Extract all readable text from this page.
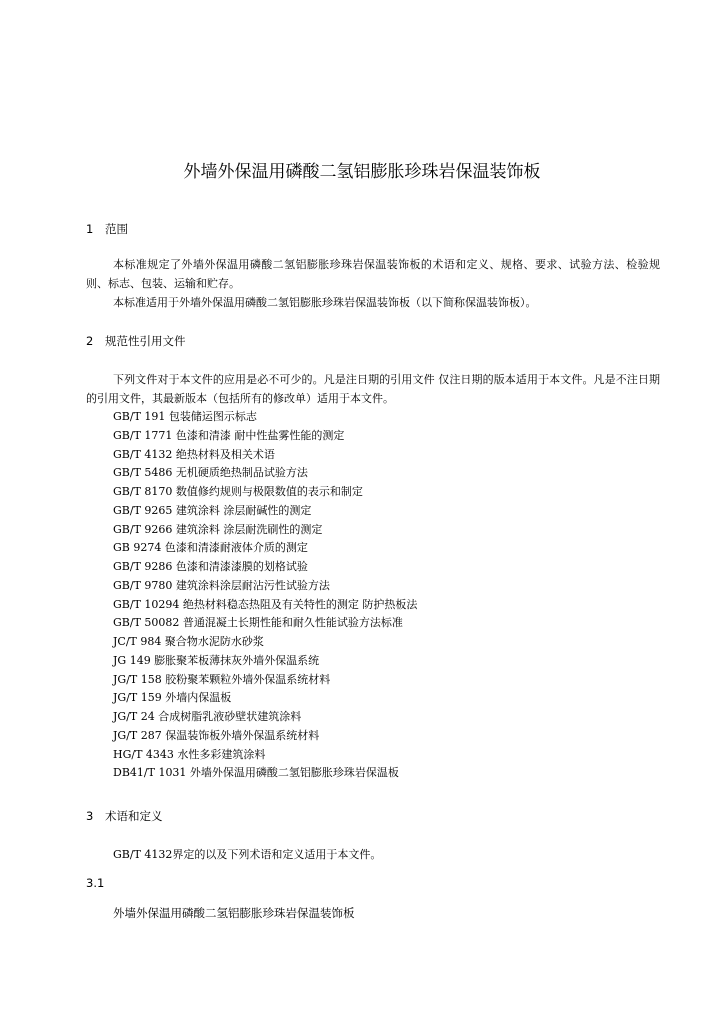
外墙外保温用磷酸二氢铝膨胀珍珠岩保温装饰板
1 范围
本标准规定了外墙外保温用磷酸二氢铝膨胀珍珠岩保温装饰板的术语和定义、规格、要求、试验方法、检验规则、标志、包装、运输和贮存。
本标准适用于外墙外保温用磷酸二氢铝膨胀珍珠岩保温装饰板（以下简称保温装饰板）。
2 规范性引用文件
下列文件对于本文件的应用是必不可少的。凡是注日期的引用文件 仅注日期的版本适用于本文件。凡是不注日期的引用文件，其最新版本（包括所有的修改单）适用于本文件。
GB/T 191 包装储运图示标志
GB/T 1771 色漆和清漆 耐中性盐雾性能的测定
GB/T 4132 绝热材料及相关术语
GB/T 5486 无机硬质绝热制品试验方法
GB/T 8170 数值修约规则与极限数值的表示和制定
GB/T 9265 建筑涂料 涂层耐碱性的测定
GB/T 9266 建筑涂料 涂层耐洗刷性的测定
GB 9274 色漆和清漆耐液体介质的测定
GB/T 9286 色漆和清漆漆膜的划格试验
GB/T 9780 建筑涂料涂层耐沾污性试验方法
GB/T 10294 绝热材料稳态热阻及有关特性的测定 防护热板法
GB/T 50082 普通混凝土长期性能和耐久性能试验方法标准
JC/T 984 聚合物水泥防水砂浆
JG 149 膨胀聚苯板薄抹灰外墙外保温系统
JG/T 158 胶粉聚苯颗粒外墙外保温系统材料
JG/T 159 外墙内保温板
JG/T 24 合成树脂乳液砂壁状建筑涂料
JG/T 287 保温装饰板外墙外保温系统材料
HG/T 4343 水性多彩建筑涂料
DB41/T 1031 外墙外保温用磷酸二氢铝膨胀珍珠岩保温板
3 术语和定义
GB/T 4132界定的以及下列术语和定义适用于本文件。
3.1
外墙外保温用磷酸二氢铝膨胀珍珠岩保温装饰板
